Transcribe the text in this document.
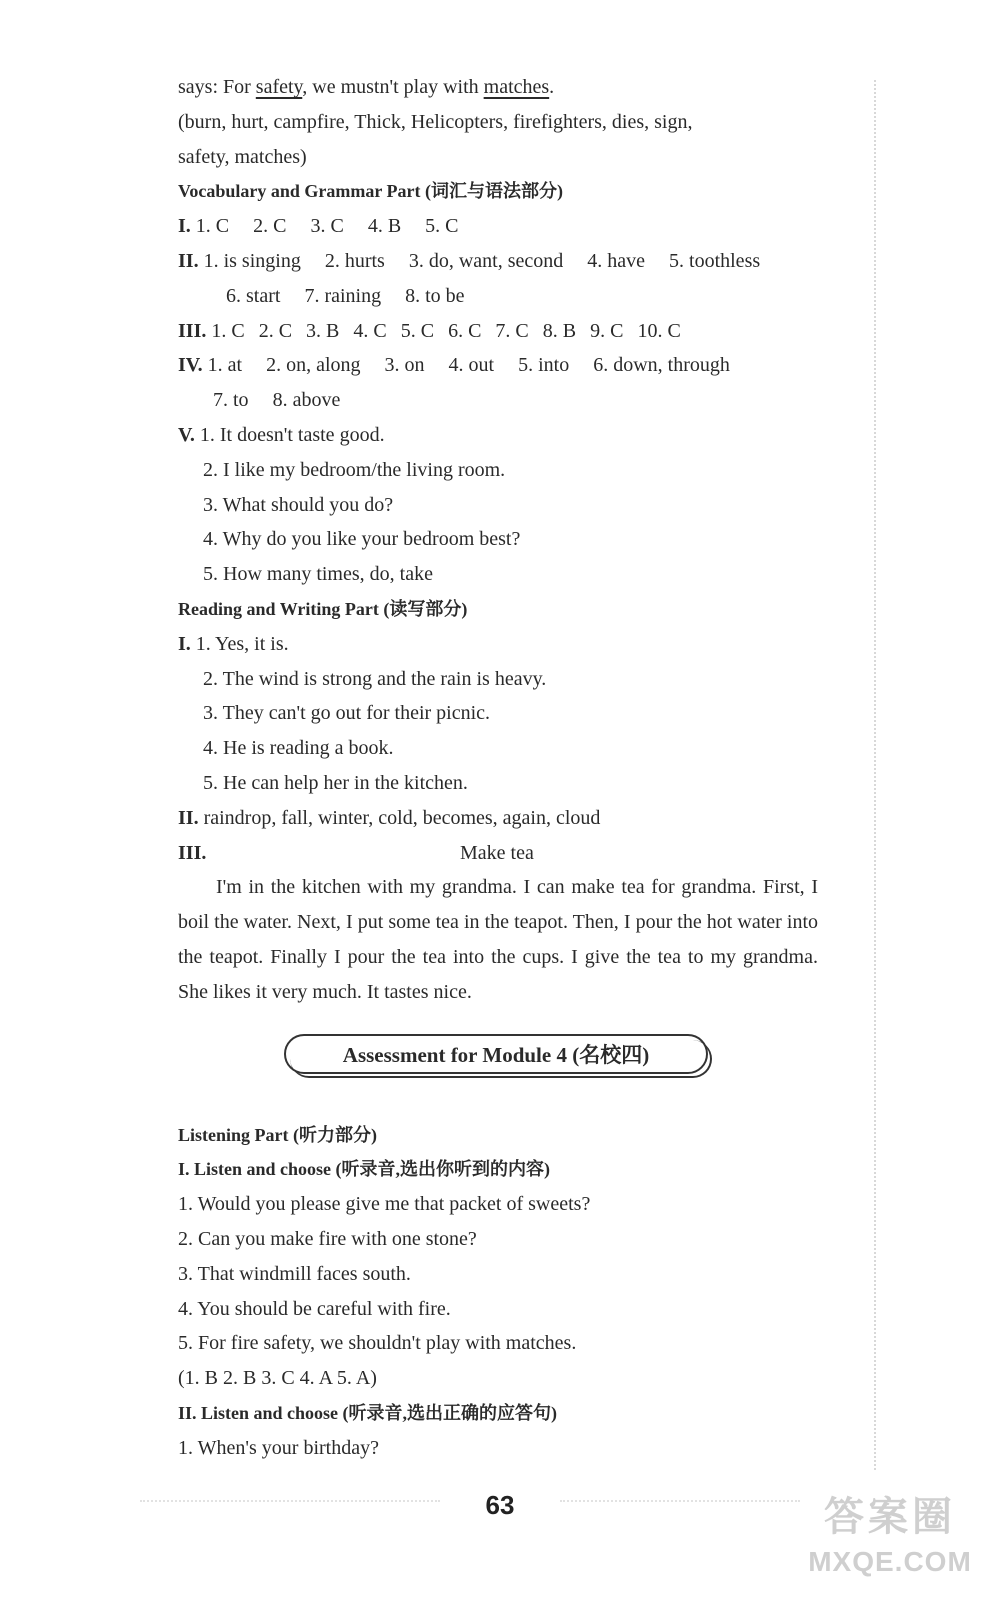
says: For safety, we mustn't play with matches.
(burn, hurt, campfire, Thick, Helicopters, firefighters, dies, sign,
safety, matches)
Vocabulary and Grammar Part (词汇与语法部分)
I. 1. C 2. C 3. C 4. B 5. C
II. 1. is singing 2. hurts 3. do, want, second 4. have 5. toothless
6. start 7. raining 8. to be
III. 1. C 2. C 3. B 4. C 5. C 6. C 7. C 8. B 9. C 10. C
IV. 1. at 2. on, along 3. on 4. out 5. into 6. down, through
7. to 8. above
V. 1. It doesn't taste good.
2. I like my bedroom/the living room.
3. What should you do?
4. Why do you like your bedroom best?
5. How many times, do, take
Reading and Writing Part (读写部分)
I. 1. Yes, it is.
2. The wind is strong and the rain is heavy.
3. They can't go out for their picnic.
4. He is reading a book.
5. He can help her in the kitchen.
II. raindrop, fall, winter, cold, becomes, again, cloud
III.	Make tea
I'm in the kitchen with my grandma. I can make tea for grandma. First, I boil the water. Next, I put some tea in the teapot. Then, I pour the hot water into the teapot. Finally I pour the tea into the cups. I give the tea to my grandma. She likes it very much. It tastes nice.
Assessment for Module 4 (名校四)
Listening Part (听力部分)
I. Listen and choose (听录音,选出你听到的内容)
1. Would you please give me that packet of sweets?
2. Can you make fire with one stone?
3. That windmill faces south.
4. You should be careful with fire.
5. For fire safety, we shouldn't play with matches.
(1. B 2. B 3. C 4. A 5. A)
II. Listen and choose (听录音,选出正确的应答句)
1. When's your birthday?
63	答案圈
MXQE.COM
